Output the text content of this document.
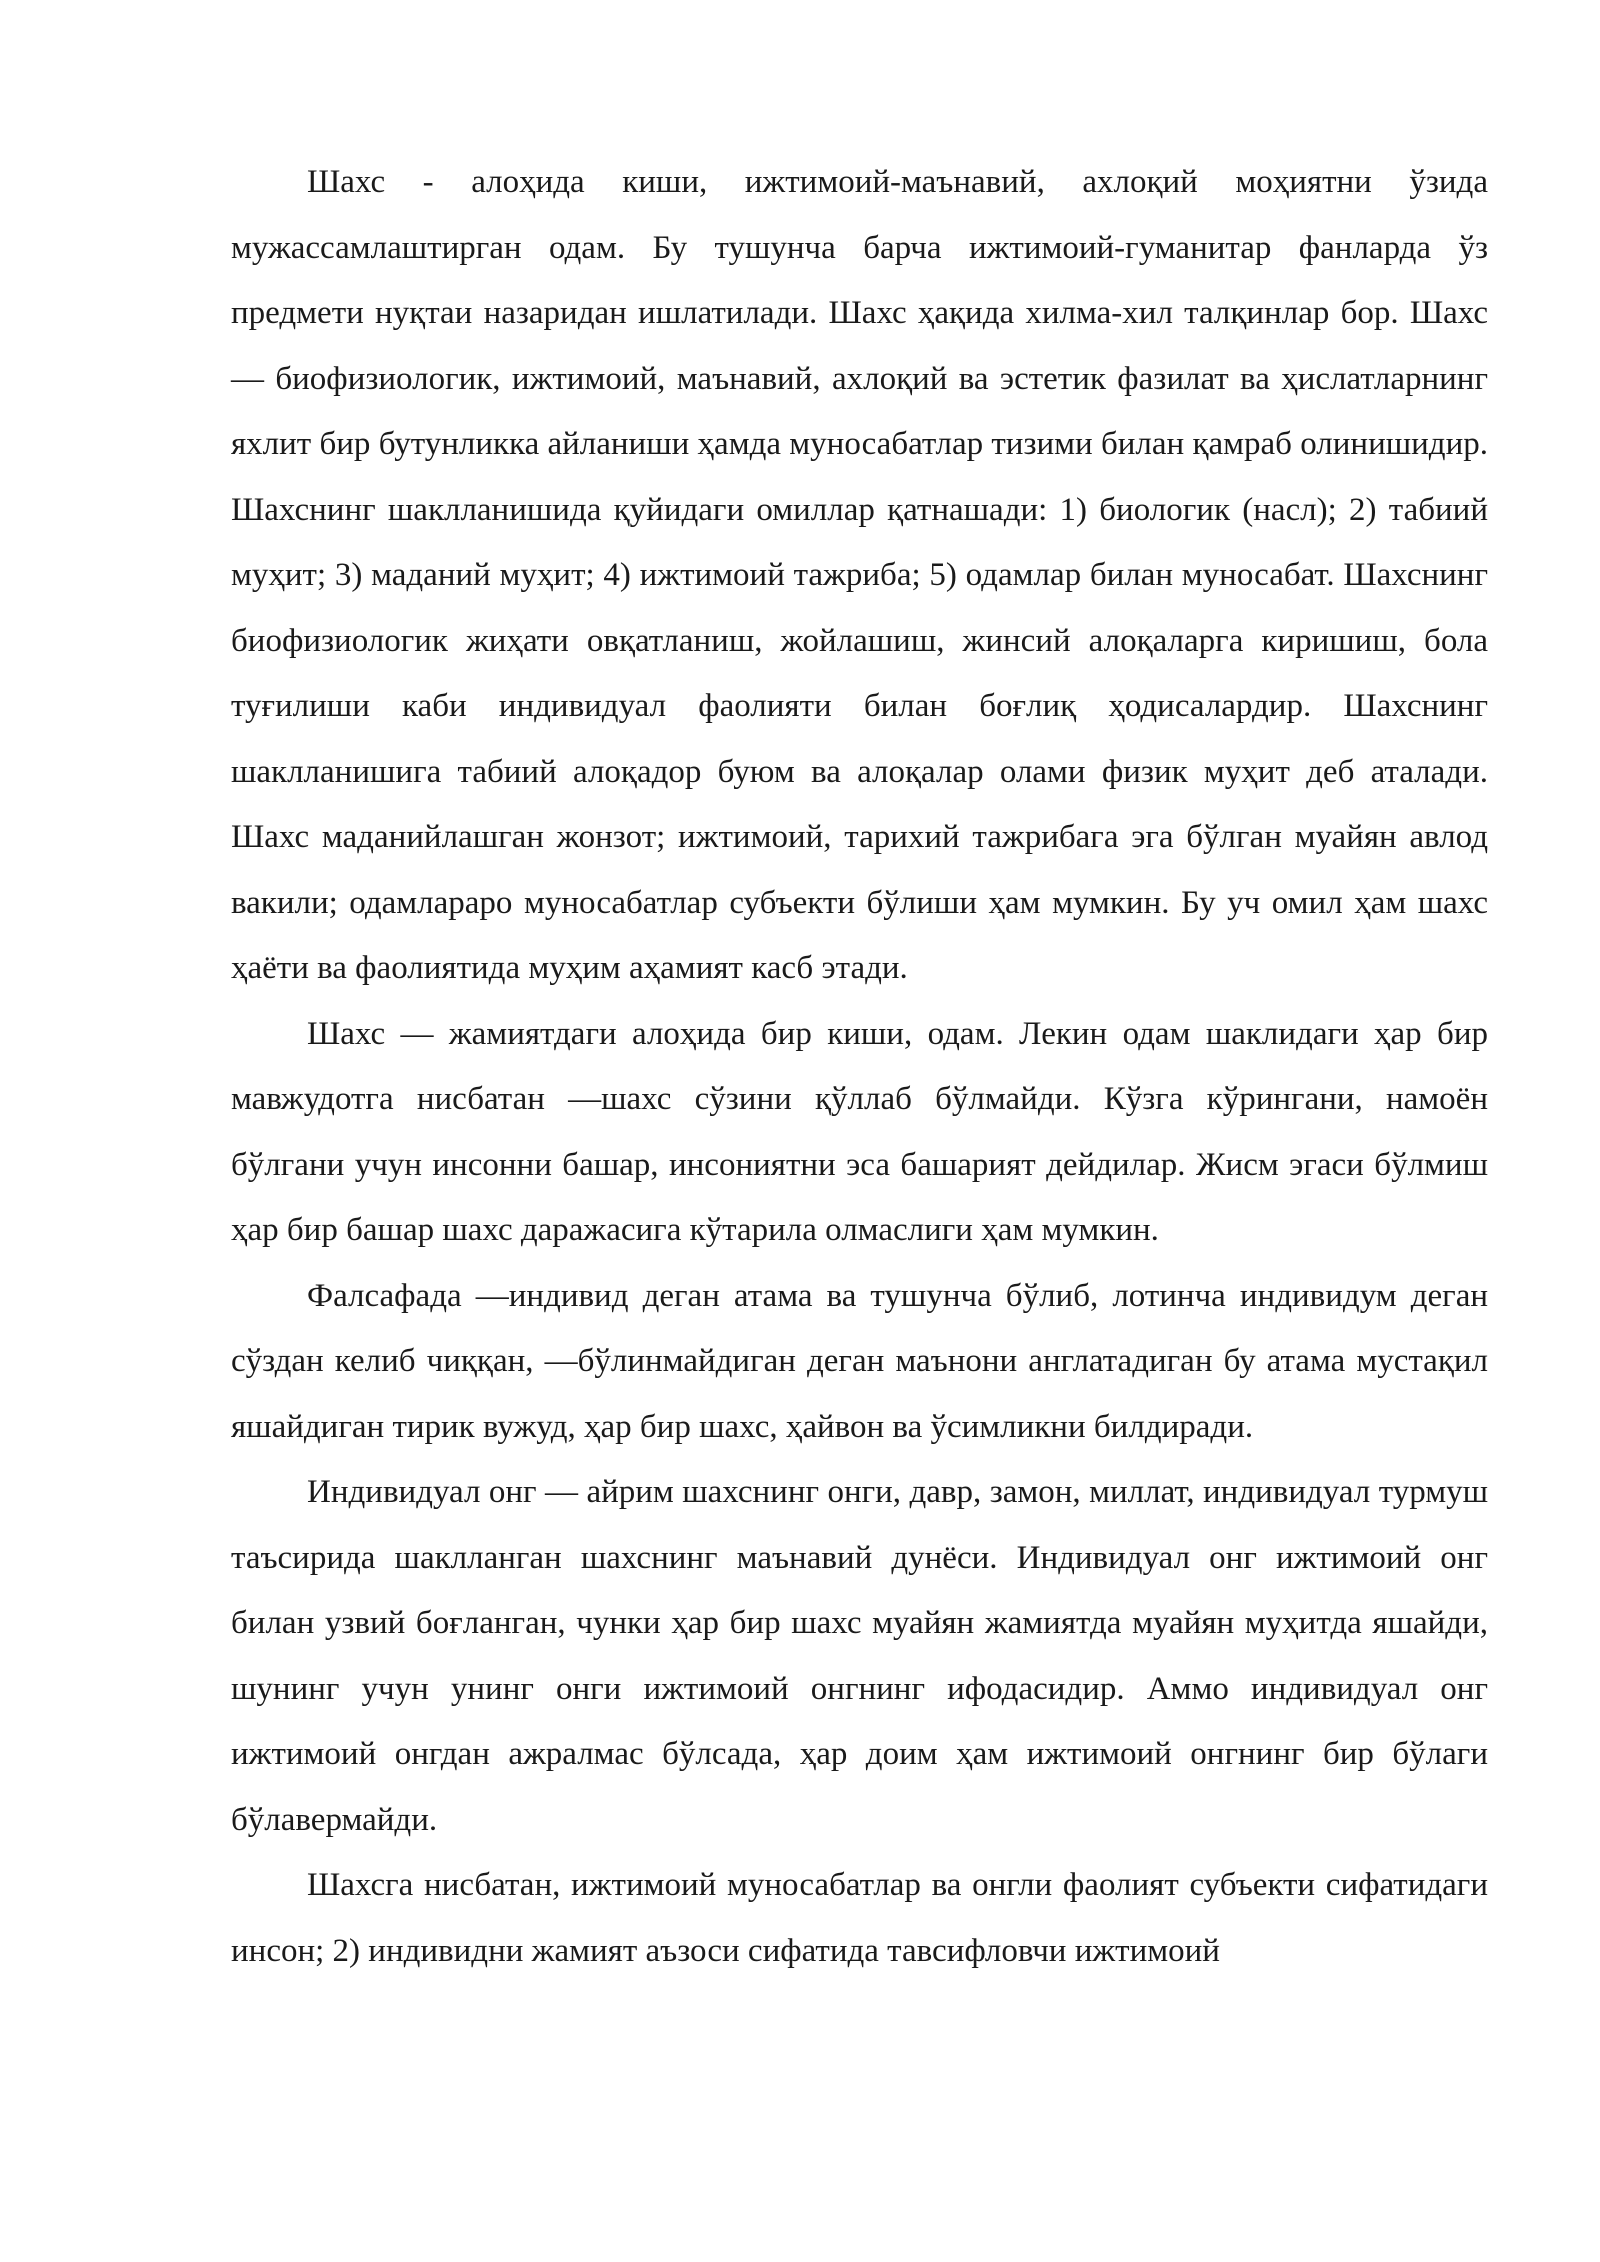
Шахс - алоҳида киши, ижтимоий-маънавий, ахлоқий моҳиятни ўзида мужассамлаштирган одам. Бу тушунча барча ижтимоий-гуманитар фанларда ўз предмети нуқтаи назаридан ишлатилади. Шахс ҳақида хилма-хил талқинлар бор. Шахс — биофизиологик, ижтимоий, маънавий, ахлоқий ва эстетик фазилат ва ҳислатларнинг яхлит бир бутунликка айланиши ҳамда муносабатлар тизими билан қамраб олинишидир. Шахснинг шаклланишида қуйидаги омиллар қатнашади: 1) биологик (насл); 2) табиий муҳит; 3) маданий муҳит; 4) ижтимоий тажриба; 5) одамлар билан муносабат. Шахснинг биофизиологик жиҳати овқатланиш, жойлашиш, жинсий алоқаларга киришиш, бола туғилиши каби индивидуал фаолияти билан боғлиқ ҳодисалардир. Шахснинг шаклланишига табиий алоқадор буюм ва алоқалар олами физик муҳит деб аталади. Шахс маданийлашган жонзот; ижтимоий, тарихий тажрибага эга бўлган муайян авлод вакили; одамлараро муносабатлар субъекти бўлиши ҳам мумкин. Бу уч омил ҳам шахс ҳаёти ва фаолиятида муҳим аҳамият касб этади.

Шахс — жамиятдаги алоҳида бир киши, одам. Лекин одам шаклидаги ҳар бир мавжудотга нисбатан ―шахс сўзини қўллаб бўлмайди. Кўзга кўрингани, намоён бўлгани учун инсонни башар, инсониятни эса башарият дейдилар. Жисм эгаси бўлмиш ҳар бир башар шахс даражасига кўтарила олмаслиги ҳам мумкин.

Фалсафада ―индивид деган атама ва тушунча бўлиб, лотинча индивидум деган сўздан келиб чиққан, ―бўлинмайдиган деган маънони англатадиган бу атама мустақил яшайдиган тирик вужуд, ҳар бир шахс, ҳайвон ва ўсимликни билдиради.

Индивидуал онг — айрим шахснинг онги, давр, замон, миллат, индивидуал турмуш таъсирида шаклланган шахснинг маънавий дунёси. Индивидуал онг ижтимоий онг билан узвий боғланган, чунки ҳар бир шахс муайян жамиятда муайян муҳитда яшайди, шунинг учун унинг онги ижтимоий онгнинг ифодасидир. Аммо индивидуал онг ижтимоий онгдан ажралмас бўлсада, ҳар доим ҳам ижтимоий онгнинг бир бўлаги бўлавермайди.

Шахсга нисбатан, ижтимоий муносабатлар ва онгли фаолият субъекти сифатидаги инсон; 2) индивидни жамият аъзоси сифатида тавсифловчи ижтимоий
